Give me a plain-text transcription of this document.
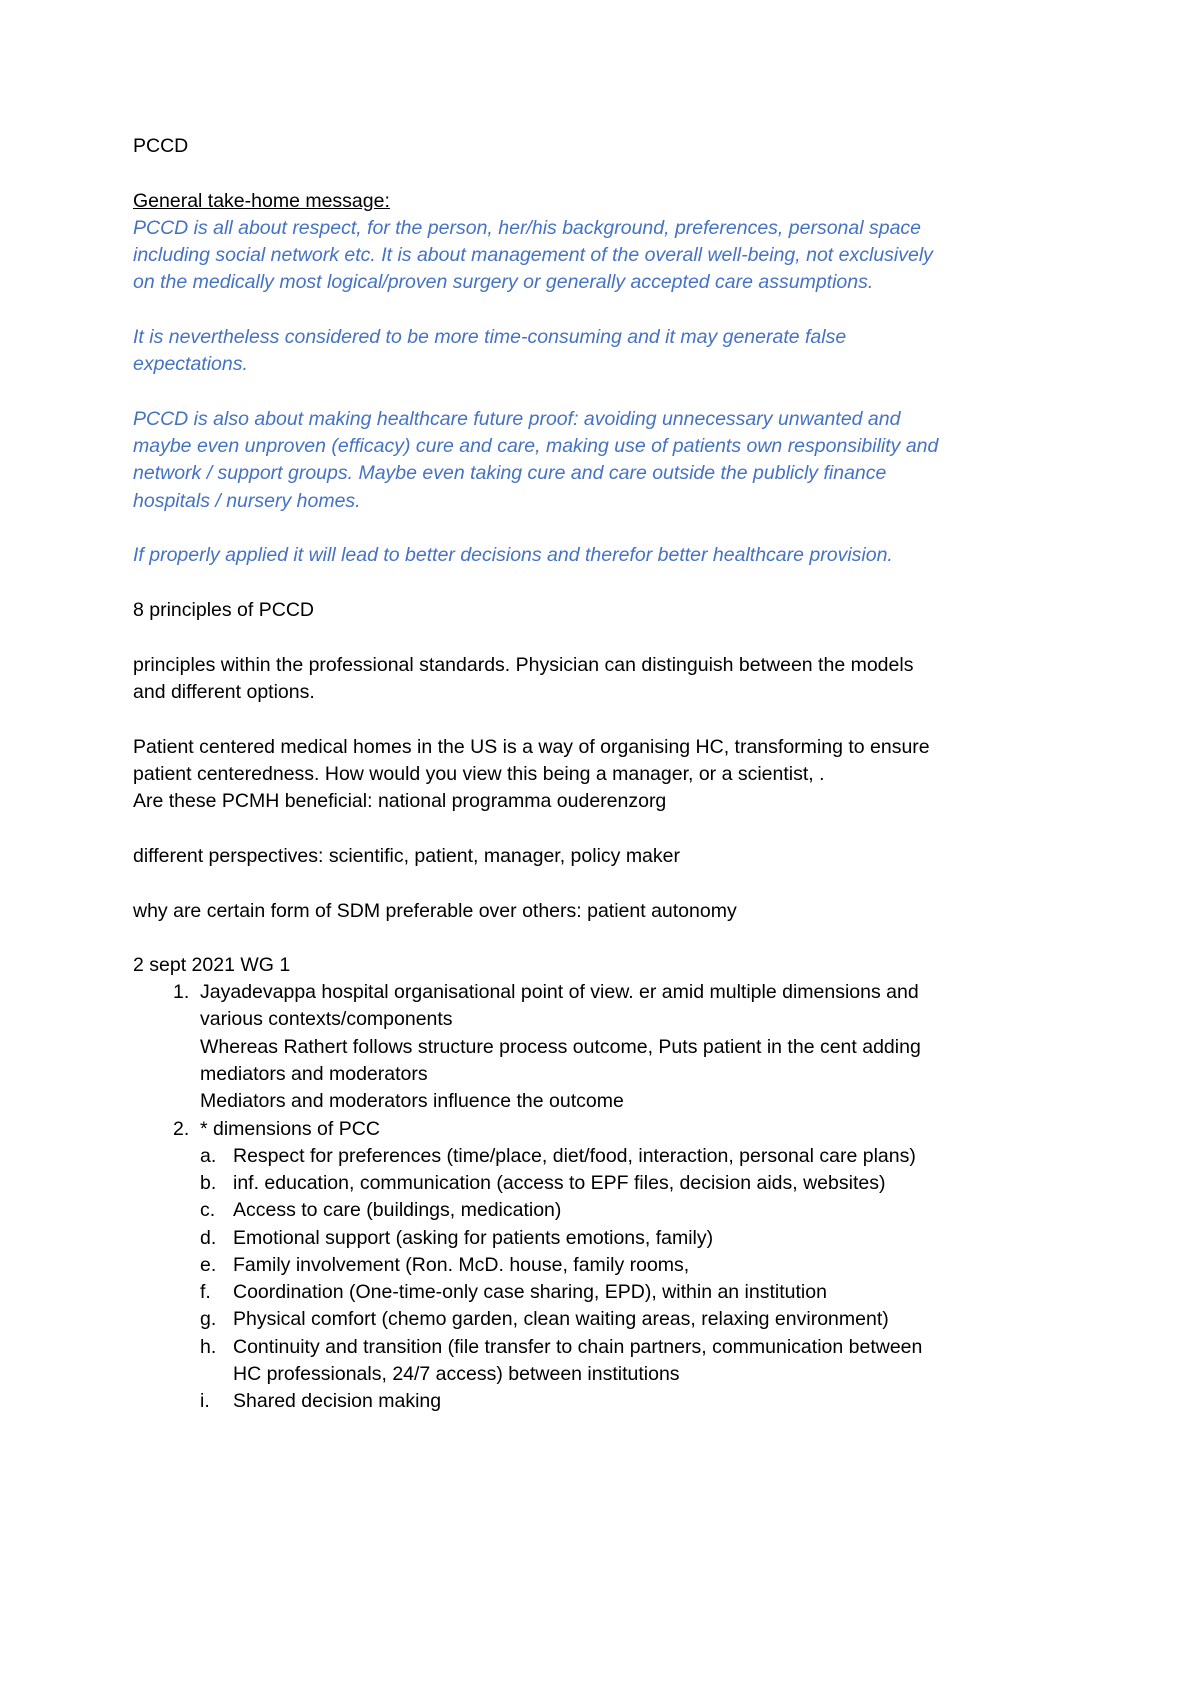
PCCD
General take-home message:
PCCD is all about respect, for the person, her/his background, preferences, personal space
including social network etc. It is about management of the overall well-being, not exclusively
on the medically most logical/proven surgery or generally accepted care assumptions.
It is nevertheless considered to be more time-consuming and it may generate false
expectations.
PCCD is also about making healthcare future proof: avoiding unnecessary unwanted and
maybe even unproven (efficacy) cure and care, making use of patients own responsibility and
network / support groups. Maybe even taking cure and care outside the publicly finance
hospitals / nursery homes.
If properly applied it will lead to better decisions and therefor better healthcare provision.
8 principles of PCCD
principles within the professional standards. Physician can distinguish between the models
and different options.
Patient centered medical homes in the US is a way of organising HC, transforming to ensure
patient centeredness. How would you view this being a manager, or a scientist, .
Are these PCMH beneficial: national programma ouderenzorg
different perspectives: scientific, patient, manager, policy maker
why are certain form of SDM preferable over others: patient autonomy
2 sept 2021 WG 1
1. Jayadevappa hospital organisational point of view. er amid multiple dimensions and
various contexts/components
Whereas Rathert follows structure process outcome, Puts patient in the cent adding
mediators and moderators
Mediators and moderators influence the outcome
2. * dimensions of PCC
a. Respect for preferences (time/place, diet/food, interaction, personal care plans)
b. inf. education, communication (access to EPF files, decision aids, websites)
c. Access to care (buildings, medication)
d. Emotional support (asking for patients emotions, family)
e. Family involvement (Ron. McD. house, family rooms,
f. Coordination (One-time-only case sharing, EPD), within an institution
g. Physical comfort (chemo garden, clean waiting areas, relaxing environment)
h. Continuity and transition (file transfer to chain partners, communication between
HC professionals, 24/7 access) between institutions
i. Shared decision making
